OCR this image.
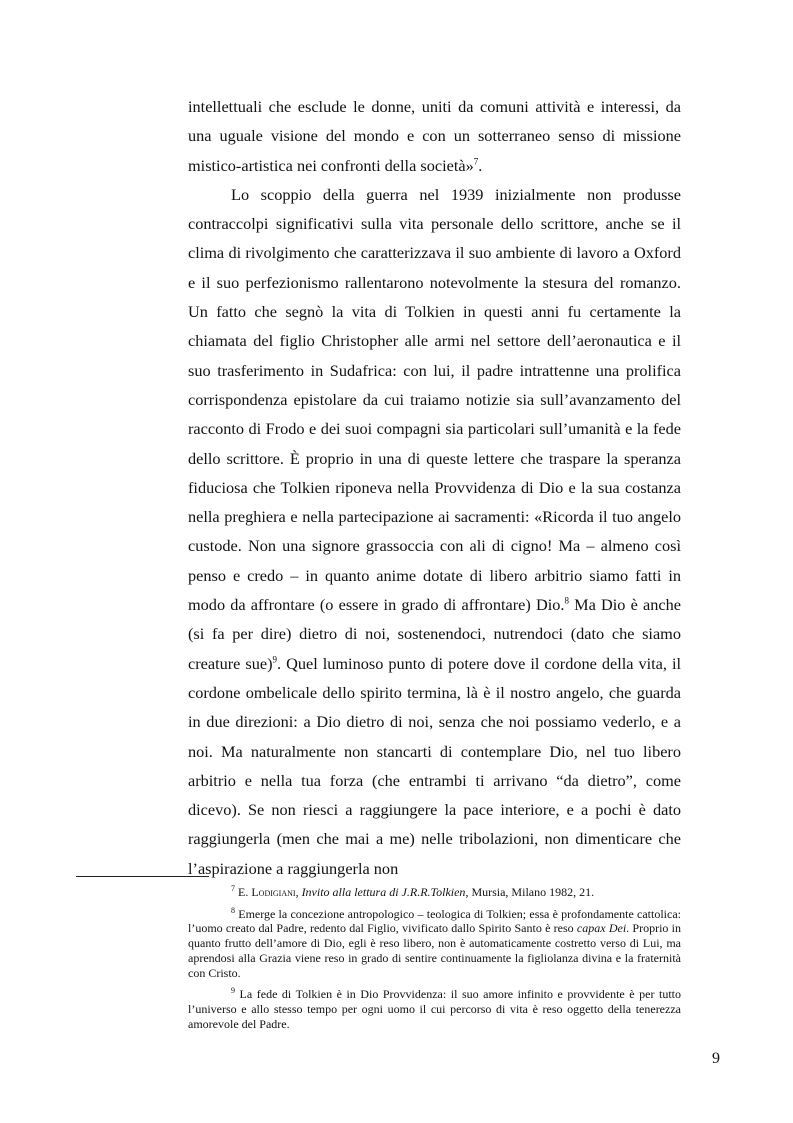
intellettuali che esclude le donne, uniti da comuni attività e interessi, da una uguale visione del mondo e con un sotterraneo senso di missione mistico-artistica nei confronti della società»$^7$.

Lo scoppio della guerra nel 1939 inizialmente non produsse contraccolpi significativi sulla vita personale dello scrittore, anche se il clima di rivolgimento che caratterizzava il suo ambiente di lavoro a Oxford e il suo perfezionismo rallentarono notevolmente la stesura del romanzo. Un fatto che segnò la vita di Tolkien in questi anni fu certamente la chiamata del figlio Christopher alle armi nel settore dell’aeronautica e il suo trasferimento in Sudafrica: con lui, il padre intrattenne una prolifica corrispondenza epistolare da cui traiamo notizie sia sull’avanzamento del racconto di Frodo e dei suoi compagni sia particolari sull’umanità e la fede dello scrittore. È proprio in una di queste lettere che traspare la speranza fiduciosa che Tolkien riponeva nella Provvidenza di Dio e la sua costanza nella preghiera e nella partecipazione ai sacramenti: «Ricorda il tuo angelo custode. Non una signore grassoccia con ali di cigno! Ma – almeno così penso e credo – in quanto anime dotate di libero arbitrio siamo fatti in modo da affrontare (o essere in grado di affrontare) Dio.$^8$ Ma Dio è anche (si fa per dire) dietro di noi, sostenendoci, nutrendoci (dato che siamo creature sue)$^9$. Quel luminoso punto di potere dove il cordone della vita, il cordone ombelicale dello spirito termina, là è il nostro angelo, che guarda in due direzioni: a Dio dietro di noi, senza che noi possiamo vederlo, e a noi. Ma naturalmente non stancarti di contemplare Dio, nel tuo libero arbitrio e nella tua forza (che entrambi ti arrivano “da dietro”, come dicevo). Se non riesci a raggiungere la pace interiore, e a pochi è dato raggiungerla (men che mai a me) nelle tribolazioni, non dimenticare che l’aspirazione a raggiungerla non

$^7$ E. Lodigiani, Invito alla lettura di J.R.R.Tolkien, Mursia, Milano 1982, 21.

$^8$ Emerge la concezione antropologico – teologica di Tolkien; essa è profondamente cattolica: l’uomo creato dal Padre, redento dal Figlio, vivificato dallo Spirito Santo è reso capax Dei. Proprio in quanto frutto dell’amore di Dio, egli è reso libero, non è automaticamente costretto verso di Lui, ma aprendosi alla Grazia viene reso in grado di sentire continuamente la figliolanza divina e la fraternità con Cristo.

$^9$ La fede di Tolkien è in Dio Provvidenza: il suo amore infinito e provvidente è per tutto l’universo e allo stesso tempo per ogni uomo il cui percorso di vita è reso oggetto della tenerezza amorevole del Padre.

9
